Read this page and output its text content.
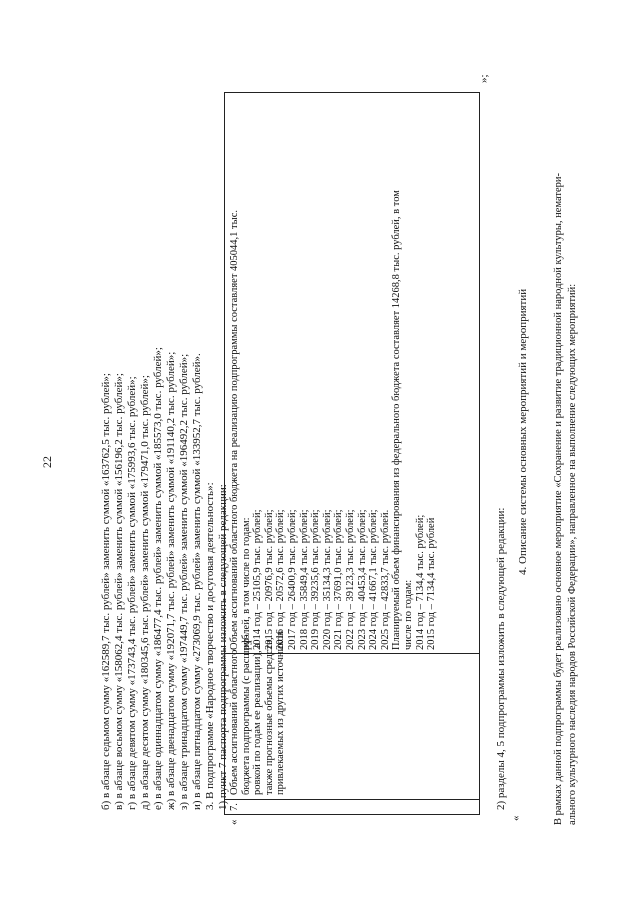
22	б) в абзаце седьмом сумму «162589,7 тыс. рублей» заменить суммой «163762,5 тыс. рублей»; в) в абзаце восьмом сумму «158062,4 тыс. рублей» заменить суммой «156196,2 тыс. рублей»; г) в абзаце девятом сумму «173743,4 тыс. рублей» заменить суммой «175993,6 тыс. рублей»; д) в абзаце десятом сумму «180345,6 тыс. рублей» заменить суммой «179471,0 тыс. рублей»; е) в абзаце одиннадцатом сумму «186477,4 тыс. рублей» заменить суммой «185573,0 тыс. рублей»; ж) в абзаце двенадцатом сумму «192071,7 тыс. рублей» заменить суммой «191140,2 тыс. рублей»; з) в абзаце тринадцатом сумму «197449,7 тыс. рублей» заменить суммой «196492,2 тыс. рублей»; и) в абзаце пятнадцатом сумму «273069,9 тыс. рублей» заменить суммой «133952,7 тыс. рублей». 3. В подпрограмме «Народное творчество и досуговая деятельность»: 1) пункт 7 паспорта подпрограммы изложить в следующей редакции:
«
7.
Объем ассигнований областного бюджета подпрограммы (с расшиф- ровкой по годам ее реализации), а также прогнозные объемы средств, привлекаемых из других источников
Объем ассигнований областного бюджета на реализацию подпрограммы составляет 405044,1 тыс. рублей, в том числе по годам: 2014 год – 25105,9 тыс. рублей; 2015 год – 20976,9 тыс. рублей; 2016 год – 20572,6 тыс. рублей; 2017 год – 26400,9 тыс. рублей; 2018 год – 35849,4 тыс. рублей; 2019 год – 39235,6 тыс. рублей; 2020 год – 35134,3 тыс. рублей; 2021 год – 37691,0 тыс. рублей; 2022 год – 39123,3 тыс. рублей; 2023 год – 40453,4 тыс. рублей; 2024 год – 41667,1 тыс. рублей; 2025 год – 42833,7 тыс. рублей. Планируемый объем финансирования из федерального бюджета составляет 14268,8 тыс. рублей, в том числе по годам: 2014 год – 7134,4 тыс. рублей; 2015 год – 7134,4 тыс. рублей
»;
2) разделы 4, 5 подпрограммы изложить в следующей редакции:
«
4. Описание системы основных мероприятий и мероприятий В рамках данной подпрограммы будет реализовано основное мероприятие «Сохранение и развитие традиционной народной культуры, нематери- ального культурного наследия народов Российской Федерации», направленное на выполнение следующих мероприятий:
